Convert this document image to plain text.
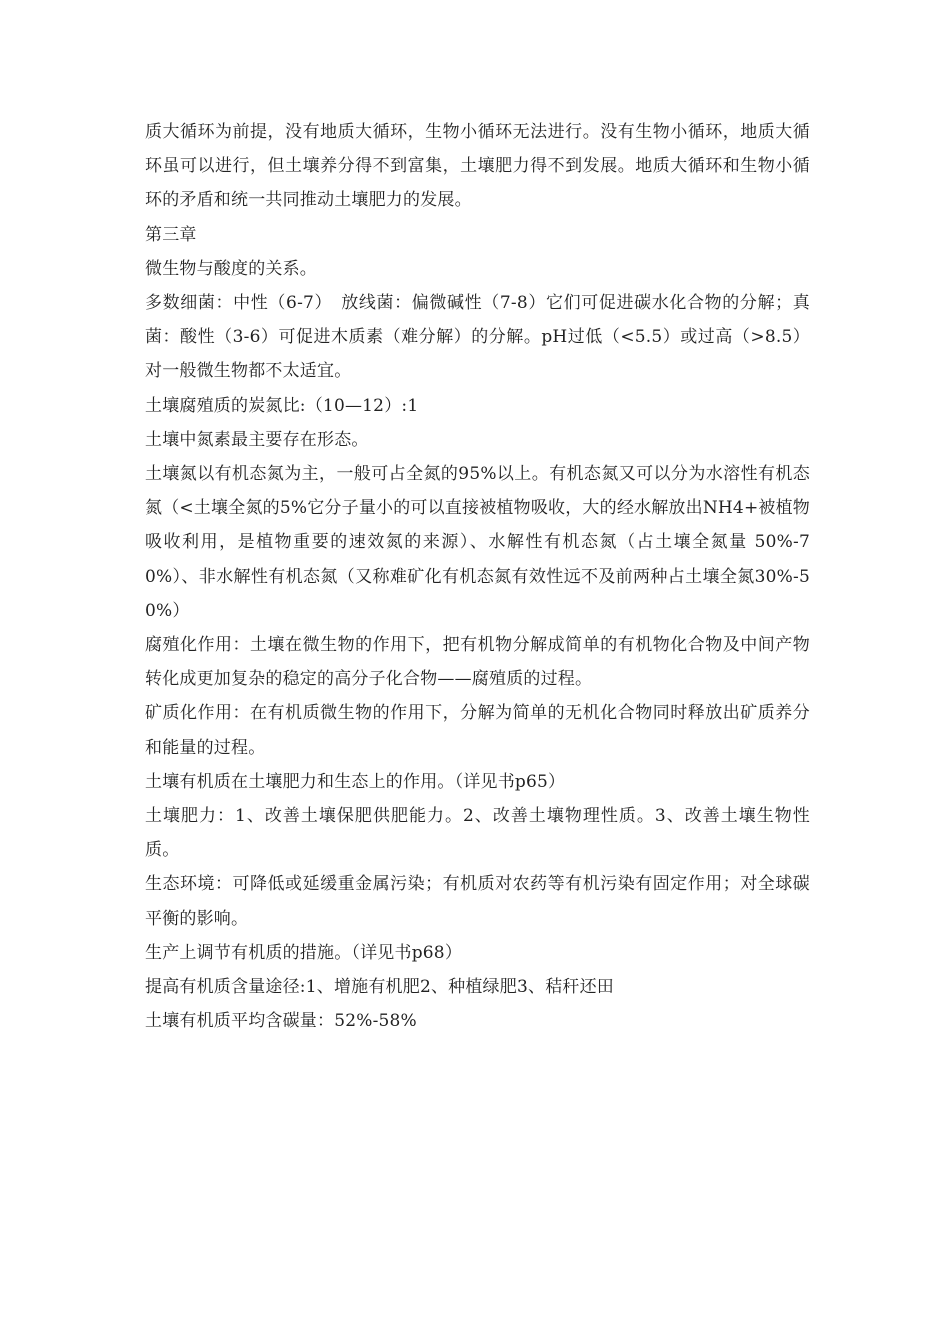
质大循环为前提，没有地质大循环，生物小循环无法进行。没有生物小循环，地质大循环虽可以进行，但土壤养分得不到富集，土壤肥力得不到发展。地质大循环和生物小循环的矛盾和统一共同推动土壤肥力的发展。

第三章

微生物与酸度的关系。

多数细菌：中性（6-7）　放线菌：偏微碱性（7-8）它们可促进碳水化合物的分解；真菌：酸性（3-6）可促进木质素（难分解）的分解。pH过低（<5.5）或过高（>8.5）对一般微生物都不太适宜。

土壤腐殖质的炭氮比:（10—12）:1

土壤中氮素最主要存在形态。

土壤氮以有机态氮为主，一般可占全氮的95%以上。有机态氮又可以分为水溶性有机态氮（<土壤全氮的5%它分子量小的可以直接被植物吸收，大的经水解放出NH4+被植物吸收利用，是植物重要的速效氮的来源）、水解性有机态氮（占土壤全氮量 50%-70%）、非水解性有机态氮（又称难矿化有机态氮有效性远不及前两种占土壤全氮30%-50%）

腐殖化作用：土壤在微生物的作用下，把有机物分解成简单的有机物化合物及中间产物转化成更加复杂的稳定的高分子化合物——腐殖质的过程。

矿质化作用：在有机质微生物的作用下，分解为简单的无机化合物同时释放出矿质养分和能量的过程。

土壤有机质在土壤肥力和生态上的作用。（详见书p65）

土壤肥力：1、改善土壤保肥供肥能力。2、改善土壤物理性质。3、改善土壤生物性质。

生态环境：可降低或延缓重金属污染；有机质对农药等有机污染有固定作用；对全球碳平衡的影响。

生产上调节有机质的措施。（详见书p68）

提高有机质含量途径:1、增施有机肥2、种植绿肥3、秸秆还田

土壤有机质平均含碳量：52%-58%
